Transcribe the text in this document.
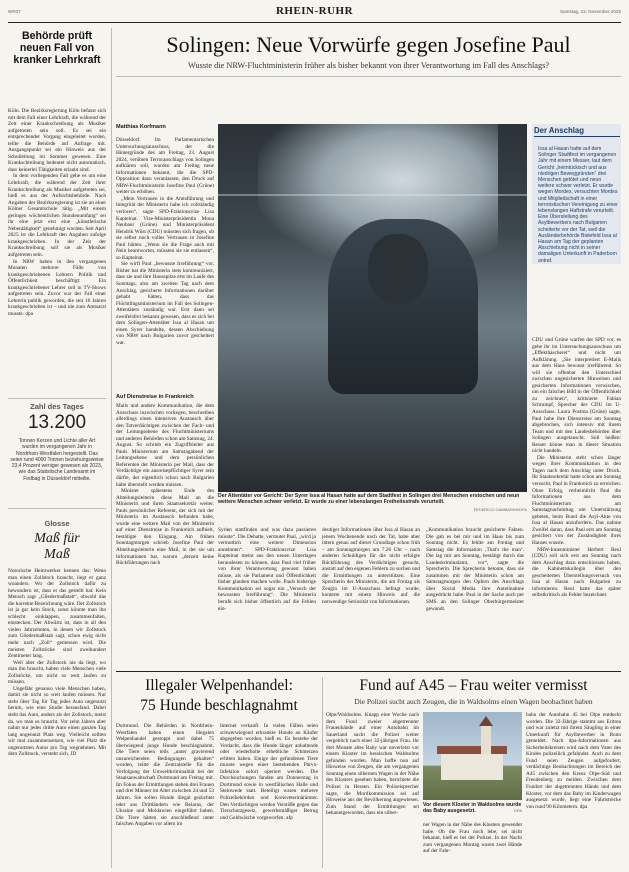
WR07	RHEIN-RUHR	Samstag, 22. November 2025
Behörde prüft neuen Fall von kranker Lehrkraft

Köln. Die Bezirksregierung Köln befasst sich mit dem Fall einer Lehrkraft, die während der Zeit einer Krankschreibung als Musiker aufgetreten sein soll. Es sei ein entsprechender Vorgang eingeleitet worden, teilte die Behörde auf Anfrage mit. Ausgangspunkt sei ein Hinweis aus der Schulleitung im Sommer gewesen. Eine Krankschreibung bedeutet nicht automatisch, dass keinerlei Tätigkeiten erlaubt sind.

In dem vorliegenden Fall gehe es um eine Lehrkraft, die während der Zeit ihrer Krankschreibung als Musiker aufgetreten sei, hieß es aus der Aufsichtsbehörde. Nach Angaben der Bezirksregierung ist sie an einer Kölner Gesamtschule tätig. „Mit einem geringen wöchentlichen Stundenumfang“ sei ihr eine jetzt erst eine „künstlerische Nebentätigkeit“ genehmigt worden. Seit April 2025 ist die Lehrkraft den Angaben zufolge krankgeschrieben. In der Zeit der Krankschreibung soll sie als Musiker aufgetreten sein.

In NRW haben in den vergangenen Monaten mehrere Fälle von krankgeschriebenen Lehrern Politik und Öffentlichkeit beschäftigt: Ein krankgeschriebener Lehrer soll in TV-Shows aufgetreten sein. Zuvor war der Fall einer Lehrerin publik geworden, die seit 16 Jahren krankgeschrieben ist – und nie zum Amtsarzt musste. dpa

Zahl des Tages
13.200
Tonnen Kerzen und Lichte aller Art wurden im vergangenen Jahr in Nordrhein-Westfalen hergestellt. Das seien rund 4000 Tonnen beziehungsweise 23,4 Prozent weniger gewesen als 2023, wie das Statistische Landesamt im Fedbag in Düsseldorf mitteilte.
Glosse
Maß für Maß

Notorische Heimwerker kennen das: Wenn man einen Zollstock braucht, liegt er ganz woanders. Wo der Zollstock dafür zu bewundern ist, dass er das gestellt hat: Kein Mensch sagt „Gliedermaßstab“, obwohl das die korrekte Bezeichnung wäre. Der Zollstock ist ja gar kein Stock, sonst könnte man ihn schlecht einklappen, zusammenfalten, einstecken. Der Abwärtz ist, dass in all den vielen Jahrzehnten, in denen wir Zollstock zum Gliedermaßstab sagt, schon ewig nicht mehr nach „Zoll“ gemessen wird. Die meisten Zollstöcke sind zweihundert Zentimeter lang.

Weil aber der Zollstock nie da liegt, wo man ihn braucht, haben viele Menschen viele Zollstöcke, um nicht so weit laufen zu müssen.

Ungefähr genauso viele Menschen haben, damit sie nicht so weit laufen müssen. Nur steht über Tag für Tag jedes Auto ungenutzt herum, wie eine Studie herausfand. Dabei steht das Auto, anders als der Zollstock, meist da, wo man es braucht. Vor zehn Jahren aber nahm nur jedes dritte Auto einen ganzen Tag lang ungenutzt Platz weg. Vielleicht sollten wir mal zusammensetzen, wie viel Platz die ungenutzten Autos pro Tag wegnehmen. Mit dem Zollstock, versteht sich. JD

Solingen: Neue Vorwürfe gegen Josefine Paul
Wusste die NRW-Fluchtministerin früher als bisher bekannt von ihrer Verantwortung im Fall des Anschlags?
Matthias Korfmann

Düsseldorf. Im Parlamentarischen Untersuchungsausschuss, der die Hintergründe des am Freitag, 23. August 2024, verübten Terroranschlags von Solingen aufklären soll, wurden am Freitag neue Informationen bekannt, die die SPD-Opposition dazu veranlassen, den Druck auf NRW-Fluchtministerin Josefine Paul (Grüne) weiter zu erhöhen.

„Mein Vertrauen in die Amtsführung und Integrität der Ministerin habe ich vollständig verloren“, sagte SPD-Fraktionsvize Lisa Kapteinat. Vize-Ministerpräsidentin Mona Neubaur (Grüne) und Ministerpräsident Hendrik Wüst (CDU) müssten sich fragen, ob sie selbst noch volles Vertrauen in Josefine Paul hätten. „Wenn sie die Frage auch mit Nein beantworten, müssten sie sie entlassen“, so Kapteinat.

Sie wirft Paul „bewusste Irreführung“ vor. Bisher hat die Ministerin stets kommuniziert, dass sie und ihre Hausspitze erst im Laufe des Sonntags, also am zweiten Tag nach dem Anschlag, gesicherte Informationen darüber gehabt hätten, dass das Flüchtlingsministerium im Fall des Solingen-Attentäters zuständig war. Erst dann sei zweifelsfrei bekannt gewesen, dass es sich bei dem Solingen-Attentäter Issa al Hasan um einen Syrer handelte, dessen Abschiebung von NRW nach Bulgarien zuvor gescheitert war.

Auf Dienstreise in Frankreich

Mails und andere Kommunikation, die dem Ausschuss inzwischen vorliegen, beschreiben allerdings einen intensiven Austausch über den Tatverdächtigen zwischen der Fach- und der Leitungsebene des Fluchtministeriums und anderen Behörden schon am Samstag, 24. August. So schrieb ein Zugriffsleiter aus Pauls Ministerium am Samstagabend der Leitungsebene und dem persönlichen Referenten der Ministerin per Mail, dass der Verdächtige ein ausreisepflichtiger Syrer sein dürfte, der eigentlich schon nach Bulgarien hätte überstellt werden müssen.

Minister spätestens Ende des Abteilungsleiterin diese Mail an die Ministerin und ihren Staatssekretär weiter. Pauls persönlicher Referent, der sich mit der Ministerin im Austausch befunden habe, wurde eine weitere Mail von der Ministerin auf einer Dienstreise in Frankreich aufhielt, bestätigte den Eingang. Am frühen Sonntagmorgen schrieb Josefine Paul der Abteilungsleiterin eine Mail, in der sie um Informationen bat, warum „derzeit keine Rückführungen nach

Der Attentäter vor Gericht: Der Syrer Issa al Hasan hatte auf dem Stadtfest in Solingen drei Menschen erstochen und neun weitere Menschen schwer verletzt. Er wurde zu einer lebenslangen Freiheitsstrafe verurteilt.
FEDERICO GAMBARINI/DPA
Syrien stattfinden und was dazu passieren müsste“. Die Debatte, vermutet Paul, „wird ja vermutlich eine weitere Dimension annehmen“. SPD-Fraktionsvize Lisa Kapteinat meint aus den neuen Unterlagen herauslesen zu können, dass Paul viel früher von ihrer Verantwortung gewusst haben müsse, als sie Parlament und Öffentlichkeit bisher glauben machen wolle. Pauls bisherige Kommunikation sei sogar ein „Versuch der bewussten Irreführung“. Die Ministerin berufe sich bisher öffentlich auf die Fehlen ein-
deutiger Informationen über Issa al Hasan an jenem Wochenende nach der Tat, habe aber intern genau auf dieser Grundlage schon früh – am Sonntagmorgen um 7.26 Uhr – nach anderen Schuldigen für die nicht erfolgte Rückführung des Verdächtigen gesucht, anstatt auf den eigenen Fehlern zu suchen und die Ermittlungen zu unterstützen. Eine Sprecherin der Ministerin, die am Freitag als Zeugin im U-Ausschuss befragt wurde, konterte mit einem Hinweis auf die notwendige Seriosität von Informationen.
„Kommunikation braucht gesicherte Fakten. Die gab es bei mir und im Haus bis zum Sonntag nicht. Es fehlte am Freitag und Samstag die Information ‚That's the man‘. Die lag mir am Sonntag, bestätigt durch das Landeskriminalamt, vor“, sagte die Sprecherin. Die Sprecherin betonte, dass sie zusammen mit der Ministerin schon am Samstagmorgen den Opfern des Anschlags über Social Media ihre Anteilnahme ausgedrückt habe. Paul in der Sache auch per SMS an den Solinger Oberbürgermeister gewandt.
Der Anschlag
Issa al Hasan hatte auf dem Solinger Stadtfest im vergangenen Jahr mit einem Messer, laut dem Gericht „heimtückisch und aus niedrigen Beweggründen“ drei Menschen getötet und neun weitere schwer verletzt. Er wurde wegen Mordes, versuchten Mordes und Mitgliedschaft in einer terroristischen Vereinigung zu einer lebenslangen Haftstrafe verurteilt. Eine Überstellung des Asylbewerbers nach Bulgarien scheiterte vor der Tat, weil die Ausländerbehörde Bielefeld Issa al Hasan am Tag der geplanten Abschiebung nicht in seiner damaligen Unterkunft in Paderborn antraf.

CDU und Grüne warfen der SPD vor, es gehe ihr im Untersuchungsausschuss um „Effekthascherei“ und nicht um Aufklärung. „Sie interpretiert E-Mails aus dem Haus bewusst irreführend. So will sie offenbar den Unterschied zwischen ungesicherten Hinweisen und gesicherten Informationen verwischen, um ein falsches Bild in der Öffentlichkeit zu zeichnen“, kritisierte Fabian Schrumpf, Sprecher der CDU im U-Ausschuss. Laura Postma (Grüne) sagte, Paul habe ihre Dienstreise am Sonntag abgebrochen, sich intensiv mit ihrem Team und mit den Landesbehörden über Solingen ausgetauscht. Soll heißen: Besser könne man in dieser Situation nicht handeln.

Die Ministerin steht schon länger wegen ihrer Kommunikation in den Tagen nach dem Anschlag unter Druck. Ihr Staatssekretär hatte schon am Sonntag versucht, Paul in Frankreich zu erreichen. Ohne Erfolg, verheimlicht Paul die Informationen aus dem Fluchtministerium am Samstagnachmittag um Unterstützung gebeten, beim Bund die Asyl-Akte von Issa al Hasan anzufordern. Das nahme Zweifel daran, dass Paul erst am Sonntag gesichert von der Zuständigkeit ihres Hauses wusste.

NRW-Innenminister Herbert Reul (CDU) soll sich erst am Sonntag nach dem Anschlag dazu entschlossen haben, die Kabinettskollegin über den gescheiterten Überstellungsversuch von Issa al Hasan nach Bulgarien zu informieren. Reul hatte das später selbstkritisch als Fehler bezeichnet.

Illegaler Welpenhandel:
75 Hunde beschlagnahmt
Dortmund. Die Behörden in Nordrhein-Westfalen haben einen illegalen Welpenhandel gestoppt und dabei 75 überwiegend junge Hunde beschlagnahmt. Die Tiere seien teils „unter gravierend unzureichenden Bedingungen gehalten“ worden, teilte die Zentralstelle für die Verfolgung der Umweltkriminalität bei der Staatsanwaltschaft Dortmund am Freitag mit. Im Fokus der Ermittlungen stehen drei Frauen und drei Männer im Alter zwischen 24 und 53 Jahren. Sie sollen Hunde illegal gezüchtet oder aus Drittländern wie Belarus, der Ukraine und Moldawien eingeführt haben. Die Tiere hätten sie anschließend unter falschen Angaben vor allem im
Internet verkauft. In vielen Fällen seien schwerwiegend erkrankte Hunde an Käufer abgegeben worden, hieß es. Es bestehe der Verdacht, dass die Hunde länger anhaltende oder wiederholte erhebliche Schmerzen erlitten haben. Einige der gefundenen Tiere musste wegen einer bestehenden Parvo-Infektion sofort operiert werden. Die Durchsuchungen fanden am Donnerstag in Dortmund sowie in westfälischen Halle und Steinwede statt. Beteiligt waren mehrere Polizeibehörden und Kreisveterinärämter. Den Verdächtigen werden Verstöße gegen das Tierschutzgesetz, gewerbsmäßiger Betrug und Geldwäsche vorgeworfen. afp
Fund auf A45 – Frau weiter vermisst
Die Polizei sucht auch Zeugen, die in Waldsolms einen Wagen beobachtet haben
Olpe/Waldsolms. Knapp eine Woche nach dem Fund zweier abgetrennter Frauenhände auf einer Autobahn im Sauerland sucht die Polizei weiter vergeblich nach einer 32-jährigen Frau. Ihr drei Monate altes Baby war unverletzt vor einem Kloster im hessischen Waldsolms gefunden worden. Man hoffe nun auf Hinweise von Zeugen, die am vergangenen Sonntag einen silbernen Wagen in der Nähe des Klosters gesehen haben, berichtete die Polizei in Hessen. Ein Polizeisprecher sagte, die Mordkommission sei auf Hinweise aus der Bevölkerung angewiesen. Zum Stand der Ermittlungen sei bekanntgeworden, dass ein silber-
Vor diesem Kloster in Waldsolms wurde das Baby ausgesetzt.	DPA
ner Wagen in der Nähe des Klosters gewendet habe. Ob die Frau noch lebe, sei nicht bekannt, hieß es bei der Polizei. In der Nacht zum vergangenen Montag waren zwei Hände auf der Fahr-
bahn der Autobahn 45 bei Olpe entdeckt worden. Die 32-Jährige stammt aus Eritrea und war zuletzt mit ihrem Säugling in einer Unterkunft für Asylbewerber in Bonn gemeldet. Nach dpa-Informationen aus Sicherheitskreisen wird nach dem Vater des Kindes polizeilich gefahndet. Auch zu dem Fund seien Zeugen aufgefordert, verdächtige Beobachtungen im Bereich der A45 zwischen den Kreuz Olpe-Süd und Freudenberg zu melden. Zwischen dem Fundort der abgetrennten Hände und dem Kloster, vor dem das Baby im Kinderwagen ausgesetzt wurde, liegt eine Fahrtstrecke von rund 90 Kilometern. dpa
